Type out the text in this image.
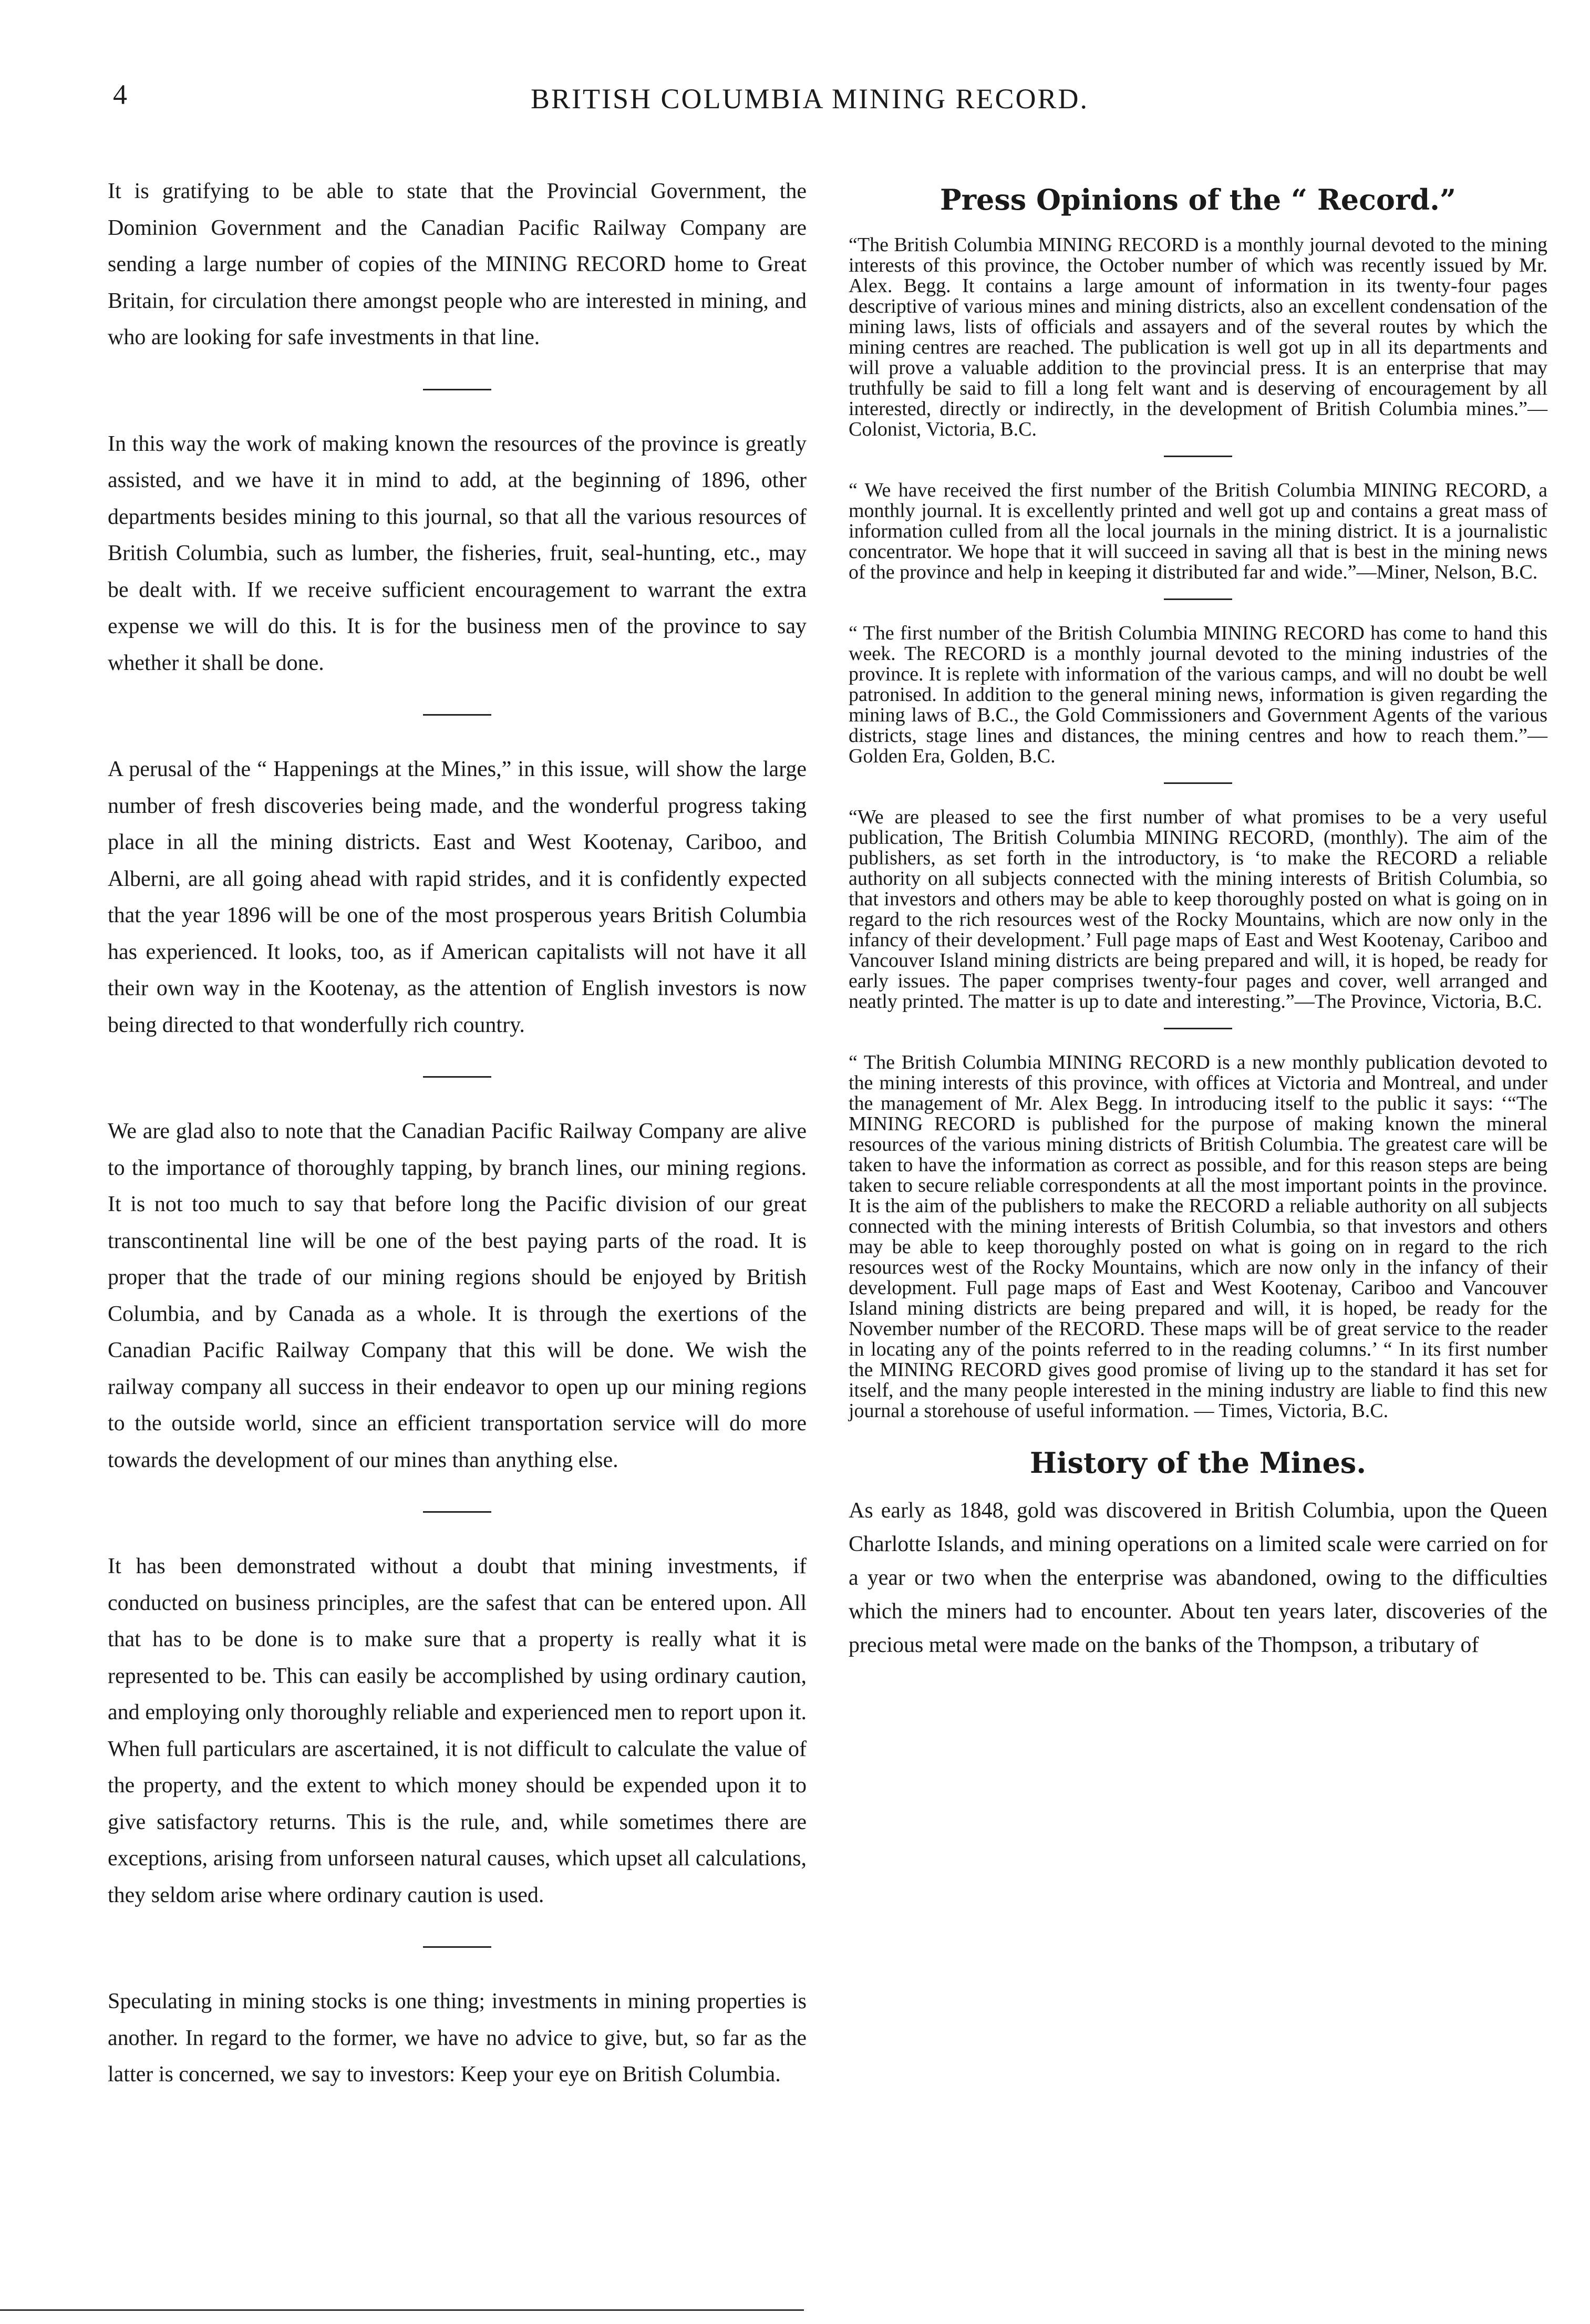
4	BRITISH COLUMBIA MINING RECORD.

It is gratifying to be able to state that the Provincial Government, the Dominion Government and the Canadian Pacific Railway Company are sending a large number of copies of the MINING RECORD home to Great Britain, for circulation there amongst people who are interested in mining, and who are looking for safe investments in that line.

In this way the work of making known the resources of the province is greatly assisted, and we have it in mind to add, at the beginning of 1896, other departments besides mining to this journal, so that all the various resources of British Columbia, such as lumber, the fisheries, fruit, seal-hunting, etc., may be dealt with. If we receive sufficient encouragement to warrant the extra expense we will do this. It is for the business men of the province to say whether it shall be done.

A perusal of the “ Happenings at the Mines,” in this issue, will show the large number of fresh discoveries being made, and the wonderful progress taking place in all the mining districts. East and West Kootenay, Cariboo, and Alberni, are all going ahead with rapid strides, and it is confidently expected that the year 1896 will be one of the most prosperous years British Columbia has experienced. It looks, too, as if American capitalists will not have it all their own way in the Kootenay, as the attention of English investors is now being directed to that wonderfully rich country.

We are glad also to note that the Canadian Pacific Railway Company are alive to the importance of thoroughly tapping, by branch lines, our mining regions. It is not too much to say that before long the Pacific division of our great transcontinental line will be one of the best paying parts of the road. It is proper that the trade of our mining regions should be enjoyed by British Columbia, and by Canada as a whole. It is through the exertions of the Canadian Pacific Railway Company that this will be done. We wish the railway company all success in their endeavor to open up our mining regions to the outside world, since an efficient transportation service will do more towards the development of our mines than anything else.

It has been demonstrated without a doubt that mining investments, if conducted on business principles, are the safest that can be entered upon. All that has to be done is to make sure that a property is really what it is represented to be. This can easily be accomplished by using ordinary caution, and employing only thoroughly reliable and experienced men to report upon it. When full particulars are ascertained, it is not difficult to calculate the value of the property, and the extent to which money should be expended upon it to give satisfactory returns. This is the rule, and, while sometimes there are exceptions, arising from unforseen natural causes, which upset all calculations, they seldom arise where ordinary caution is used.

Speculating in mining stocks is one thing; investments in mining properties is another. In regard to the former, we have no advice to give, but, so far as the latter is concerned, we say to investors: Keep your eye on British Columbia.

Press Opinions of the “ Record.”

“The British Columbia MINING RECORD is a monthly journal devoted to the mining interests of this province, the October number of which was recently issued by Mr. Alex. Begg. It contains a large amount of information in its twenty-four pages descriptive of various mines and mining districts, also an excellent condensation of the mining laws, lists of officials and assayers and of the several routes by which the mining centres are reached. The publication is well got up in all its departments and will prove a valuable addition to the provincial press. It is an enterprise that may truthfully be said to fill a long felt want and is deserving of encouragement by all interested, directly or indirectly, in the development of British Columbia mines.”—Colonist, Victoria, B.C.

“ We have received the first number of the British Columbia MINING RECORD, a monthly journal. It is excellently printed and well got up and contains a great mass of information culled from all the local journals in the mining district. It is a journalistic concentrator. We hope that it will succeed in saving all that is best in the mining news of the province and help in keeping it distributed far and wide.”—Miner, Nelson, B.C.

“ The first number of the British Columbia MINING RECORD has come to hand this week. The RECORD is a monthly journal devoted to the mining industries of the province. It is replete with information of the various camps, and will no doubt be well patronised. In addition to the general mining news, information is given regarding the mining laws of B.C., the Gold Commissioners and Government Agents of the various districts, stage lines and distances, the mining centres and how to reach them.”—Golden Era, Golden, B.C.

“We are pleased to see the first number of what promises to be a very useful publication, The British Columbia MINING RECORD, (monthly). The aim of the publishers, as set forth in the introductory, is ‘to make the RECORD a reliable authority on all subjects connected with the mining interests of British Columbia, so that investors and others may be able to keep thoroughly posted on what is going on in regard to the rich resources west of the Rocky Mountains, which are now only in the infancy of their development.’ Full page maps of East and West Kootenay, Cariboo and Vancouver Island mining districts are being prepared and will, it is hoped, be ready for early issues. The paper comprises twenty-four pages and cover, well arranged and neatly printed. The matter is up to date and interesting.”—The Province, Victoria, B.C.

“ The British Columbia MINING RECORD is a new monthly publication devoted to the mining interests of this province, with offices at Victoria and Montreal, and under the management of Mr. Alex Begg. In introducing itself to the public it says: ‘“The MINING RECORD is published for the purpose of making known the mineral resources of the various mining districts of British Columbia. The greatest care will be taken to have the information as correct as possible, and for this reason steps are being taken to secure reliable correspondents at all the most important points in the province. It is the aim of the publishers to make the RECORD a reliable authority on all subjects connected with the mining interests of British Columbia, so that investors and others may be able to keep thoroughly posted on what is going on in regard to the rich resources west of the Rocky Mountains, which are now only in the infancy of their development. Full page maps of East and West Kootenay, Cariboo and Vancouver Island mining districts are being prepared and will, it is hoped, be ready for the November number of the RECORD. These maps will be of great service to the reader in locating any of the points referred to in the reading columns.’ “ In its first number the MINING RECORD gives good promise of living up to the standard it has set for itself, and the many people interested in the mining industry are liable to find this new journal a storehouse of useful information. — Times, Victoria, B.C.

History of the Mines.

As early as 1848, gold was discovered in British Columbia, upon the Queen Charlotte Islands, and mining operations on a limited scale were carried on for a year or two when the enterprise was abandoned, owing to the difficulties which the miners had to encounter. About ten years later, discoveries of the precious metal were made on the banks of the Thompson, a tributary of
